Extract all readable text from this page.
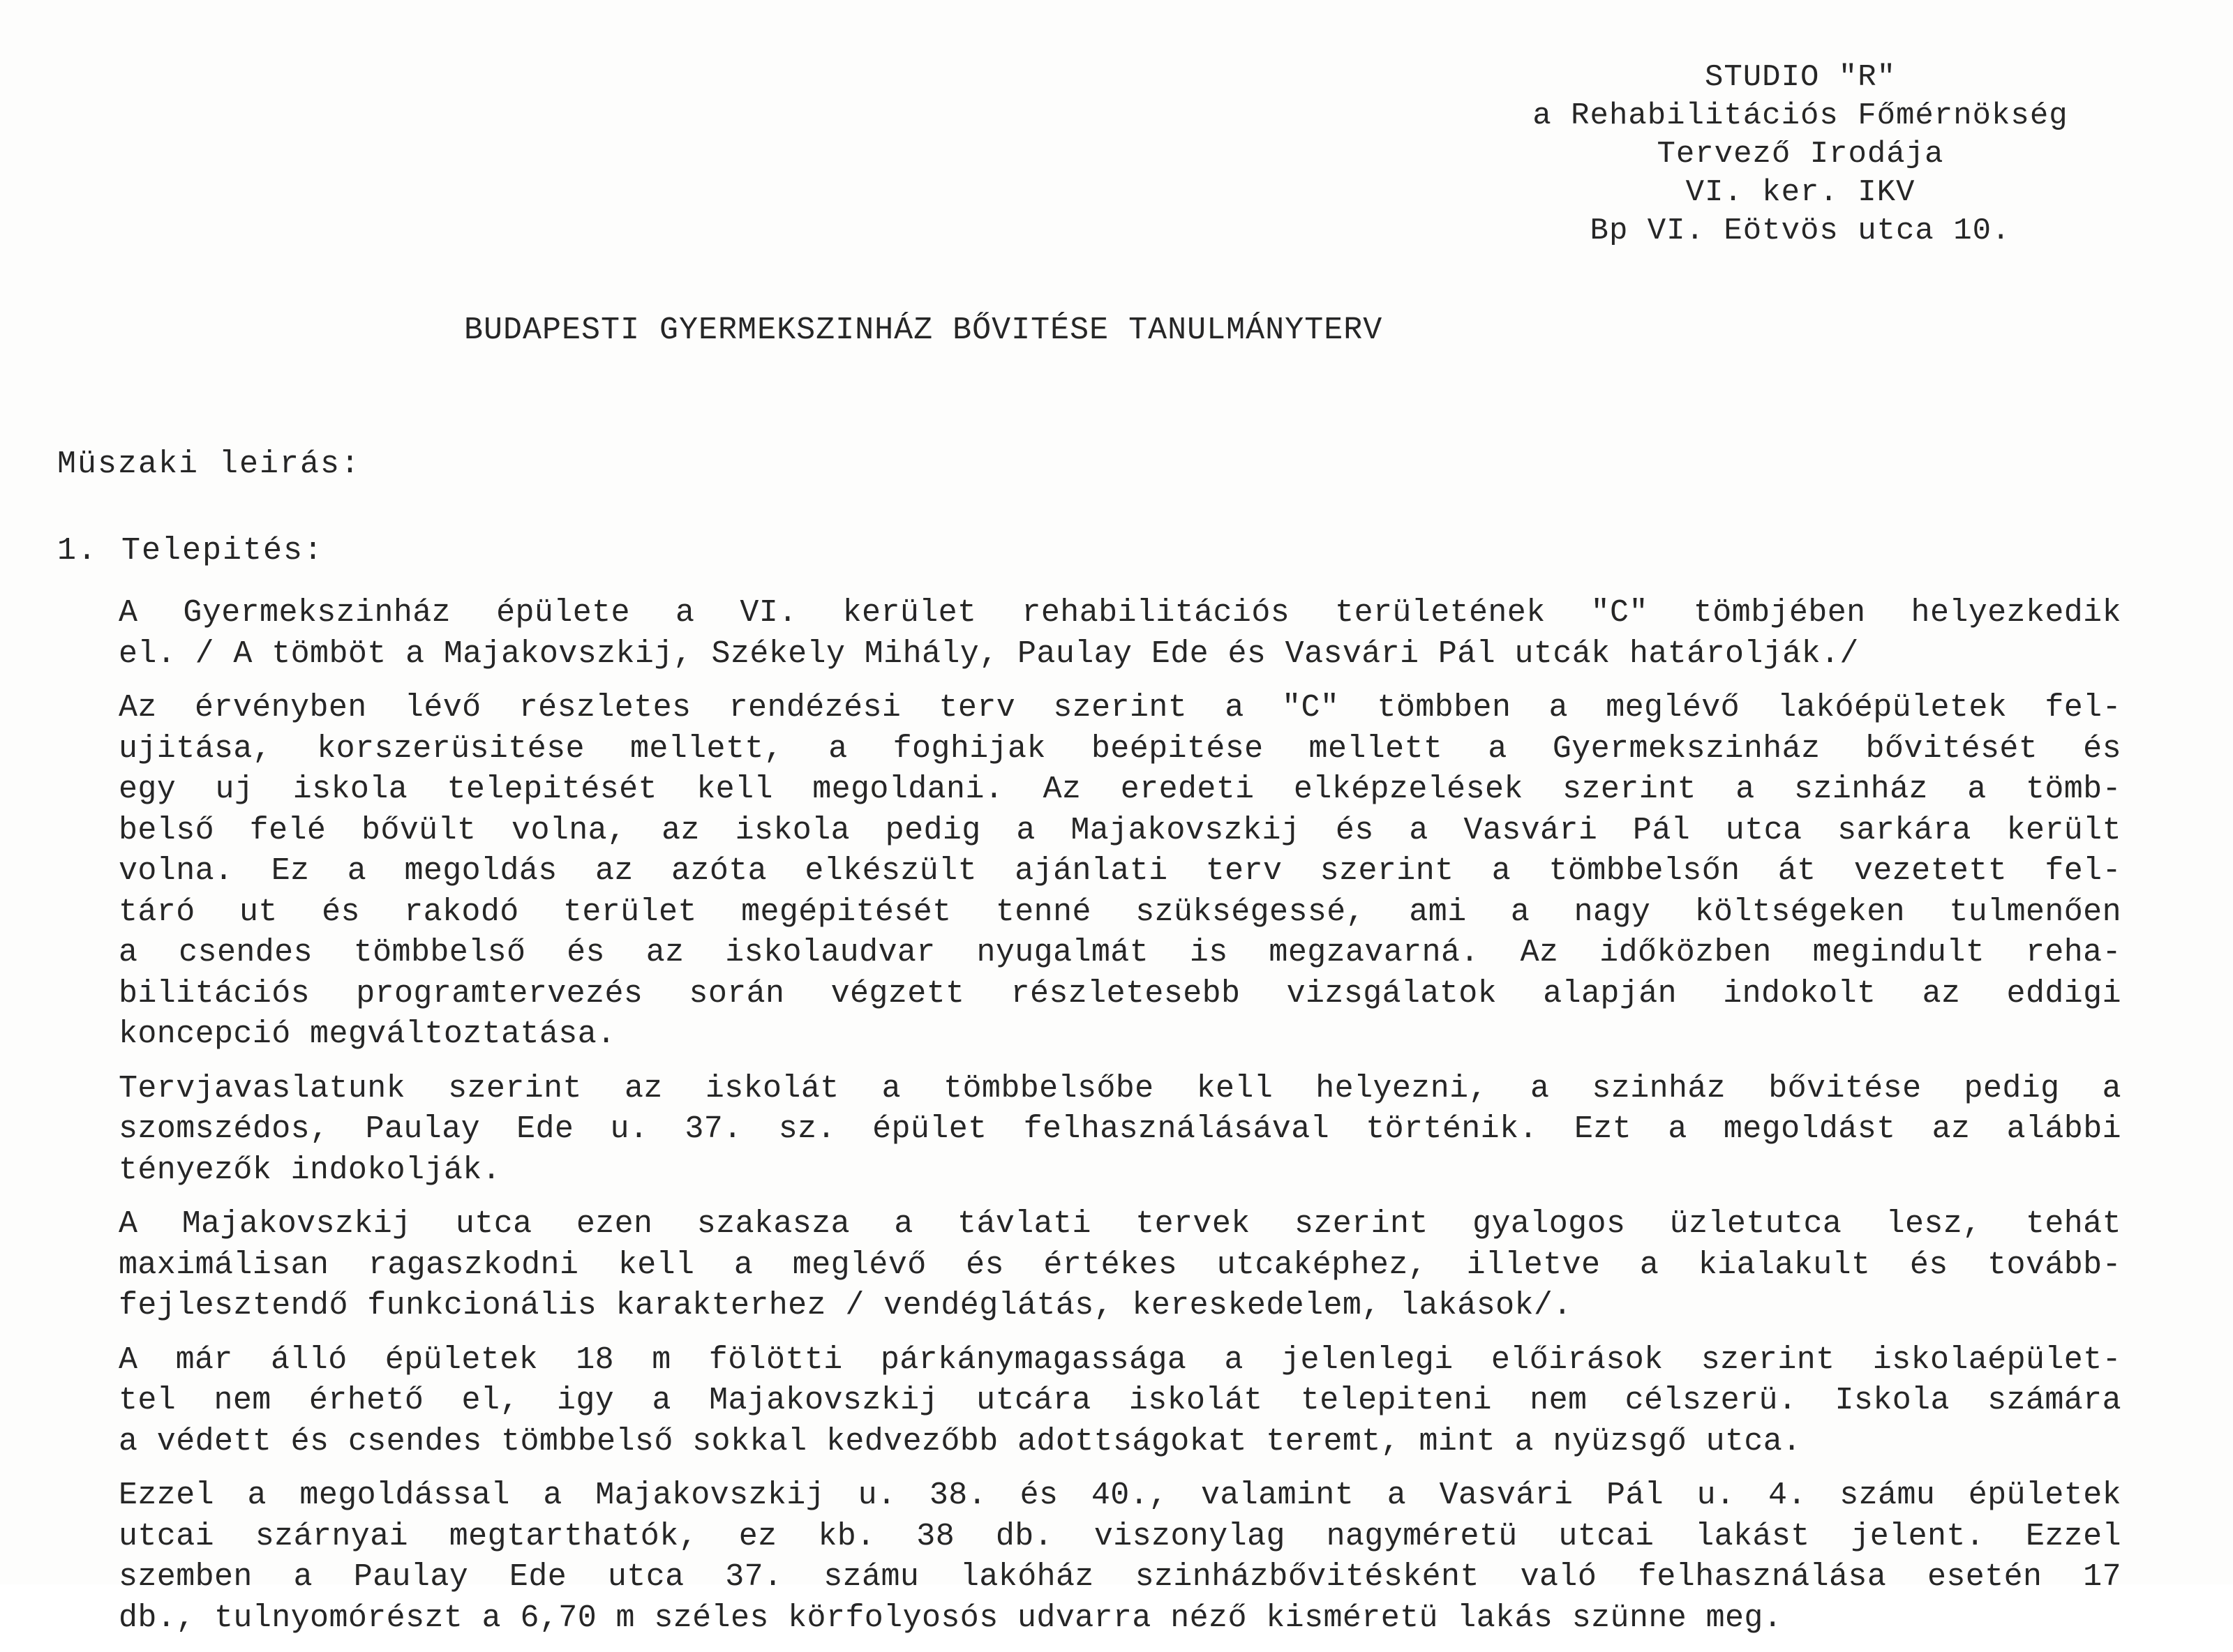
STUDIO "R"
a Rehabilitációs Főmérnökség
Tervező Irodája
VI. ker. IKV
Bp VI. Eötvös utca 10.
BUDAPESTI GYERMEKSZINHÁZ BŐVITÉSE TANULMÁNYTERV
Müszaki leirás:
1. Telepités:
A Gyermekszinház épülete a VI. kerület rehabilitációs területének "C" tömbjében helyezkedik
el. / A tömböt a Majakovszkij, Székely Mihály, Paulay Ede és Vasvári Pál utcák határolják./
Az érvényben lévő részletes rendézési terv szerint a "C" tömbben a meglévő lakóépületek fel-
ujitása, korszerüsitése mellett, a foghijak beépitése mellett a Gyermekszinház bővitését és
egy uj iskola telepitését kell megoldani. Az eredeti elképzelések szerint a szinház a tömb-
belső felé bővült volna, az iskola pedig a Majakovszkij és a Vasvári Pál utca sarkára került
volna. Ez a megoldás az azóta elkészült ajánlati terv szerint a tömbbelsőn át vezetett fel-
táró ut és rakodó terület megépitését tenné szükségessé, ami a nagy költségeken tulmenően
a csendes tömbbelső és az iskolaudvar nyugalmát is megzavarná. Az időközben megindult reha-
bilitációs programtervezés során végzett részletesebb vizsgálatok alapján indokolt az eddigi
koncepció megváltoztatása.
Tervjavaslatunk szerint az iskolát a tömbbelsőbe kell helyezni, a szinház bővitése pedig a
szomszédos, Paulay Ede u. 37. sz. épület felhasználásával történik. Ezt a megoldást az alábbi
tényezők indokolják.
A Majakovszkij utca ezen szakasza a távlati tervek szerint gyalogos üzletutca lesz, tehát
maximálisan ragaszkodni kell a meglévő és értékes utcaképhez, illetve a kialakult és tovább-
fejlesztendő funkcionális karakterhez / vendéglátás, kereskedelem, lakások/.
A már álló épületek 18 m fölötti párkánymagassága a jelenlegi előirások szerint iskolaépület-
tel nem érhető el, igy a Majakovszkij utcára iskolát telepiteni nem célszerü. Iskola számára
a védett és csendes tömbbelső sokkal kedvezőbb adottságokat teremt, mint a nyüzsgő utca.
Ezzel a megoldással a Majakovszkij u. 38. és 40., valamint a Vasvári Pál u. 4. számu épületek
utcai szárnyai megtarthatók, ez kb. 38 db. viszonylag nagyméretü utcai lakást jelent. Ezzel
szemben a Paulay Ede utca 37. számu lakóház szinházbővitésként való felhasználása esetén 17
db., tulnyomórészt a 6,70 m széles körfolyosós udvarra néző kisméretü lakás szünne meg.
